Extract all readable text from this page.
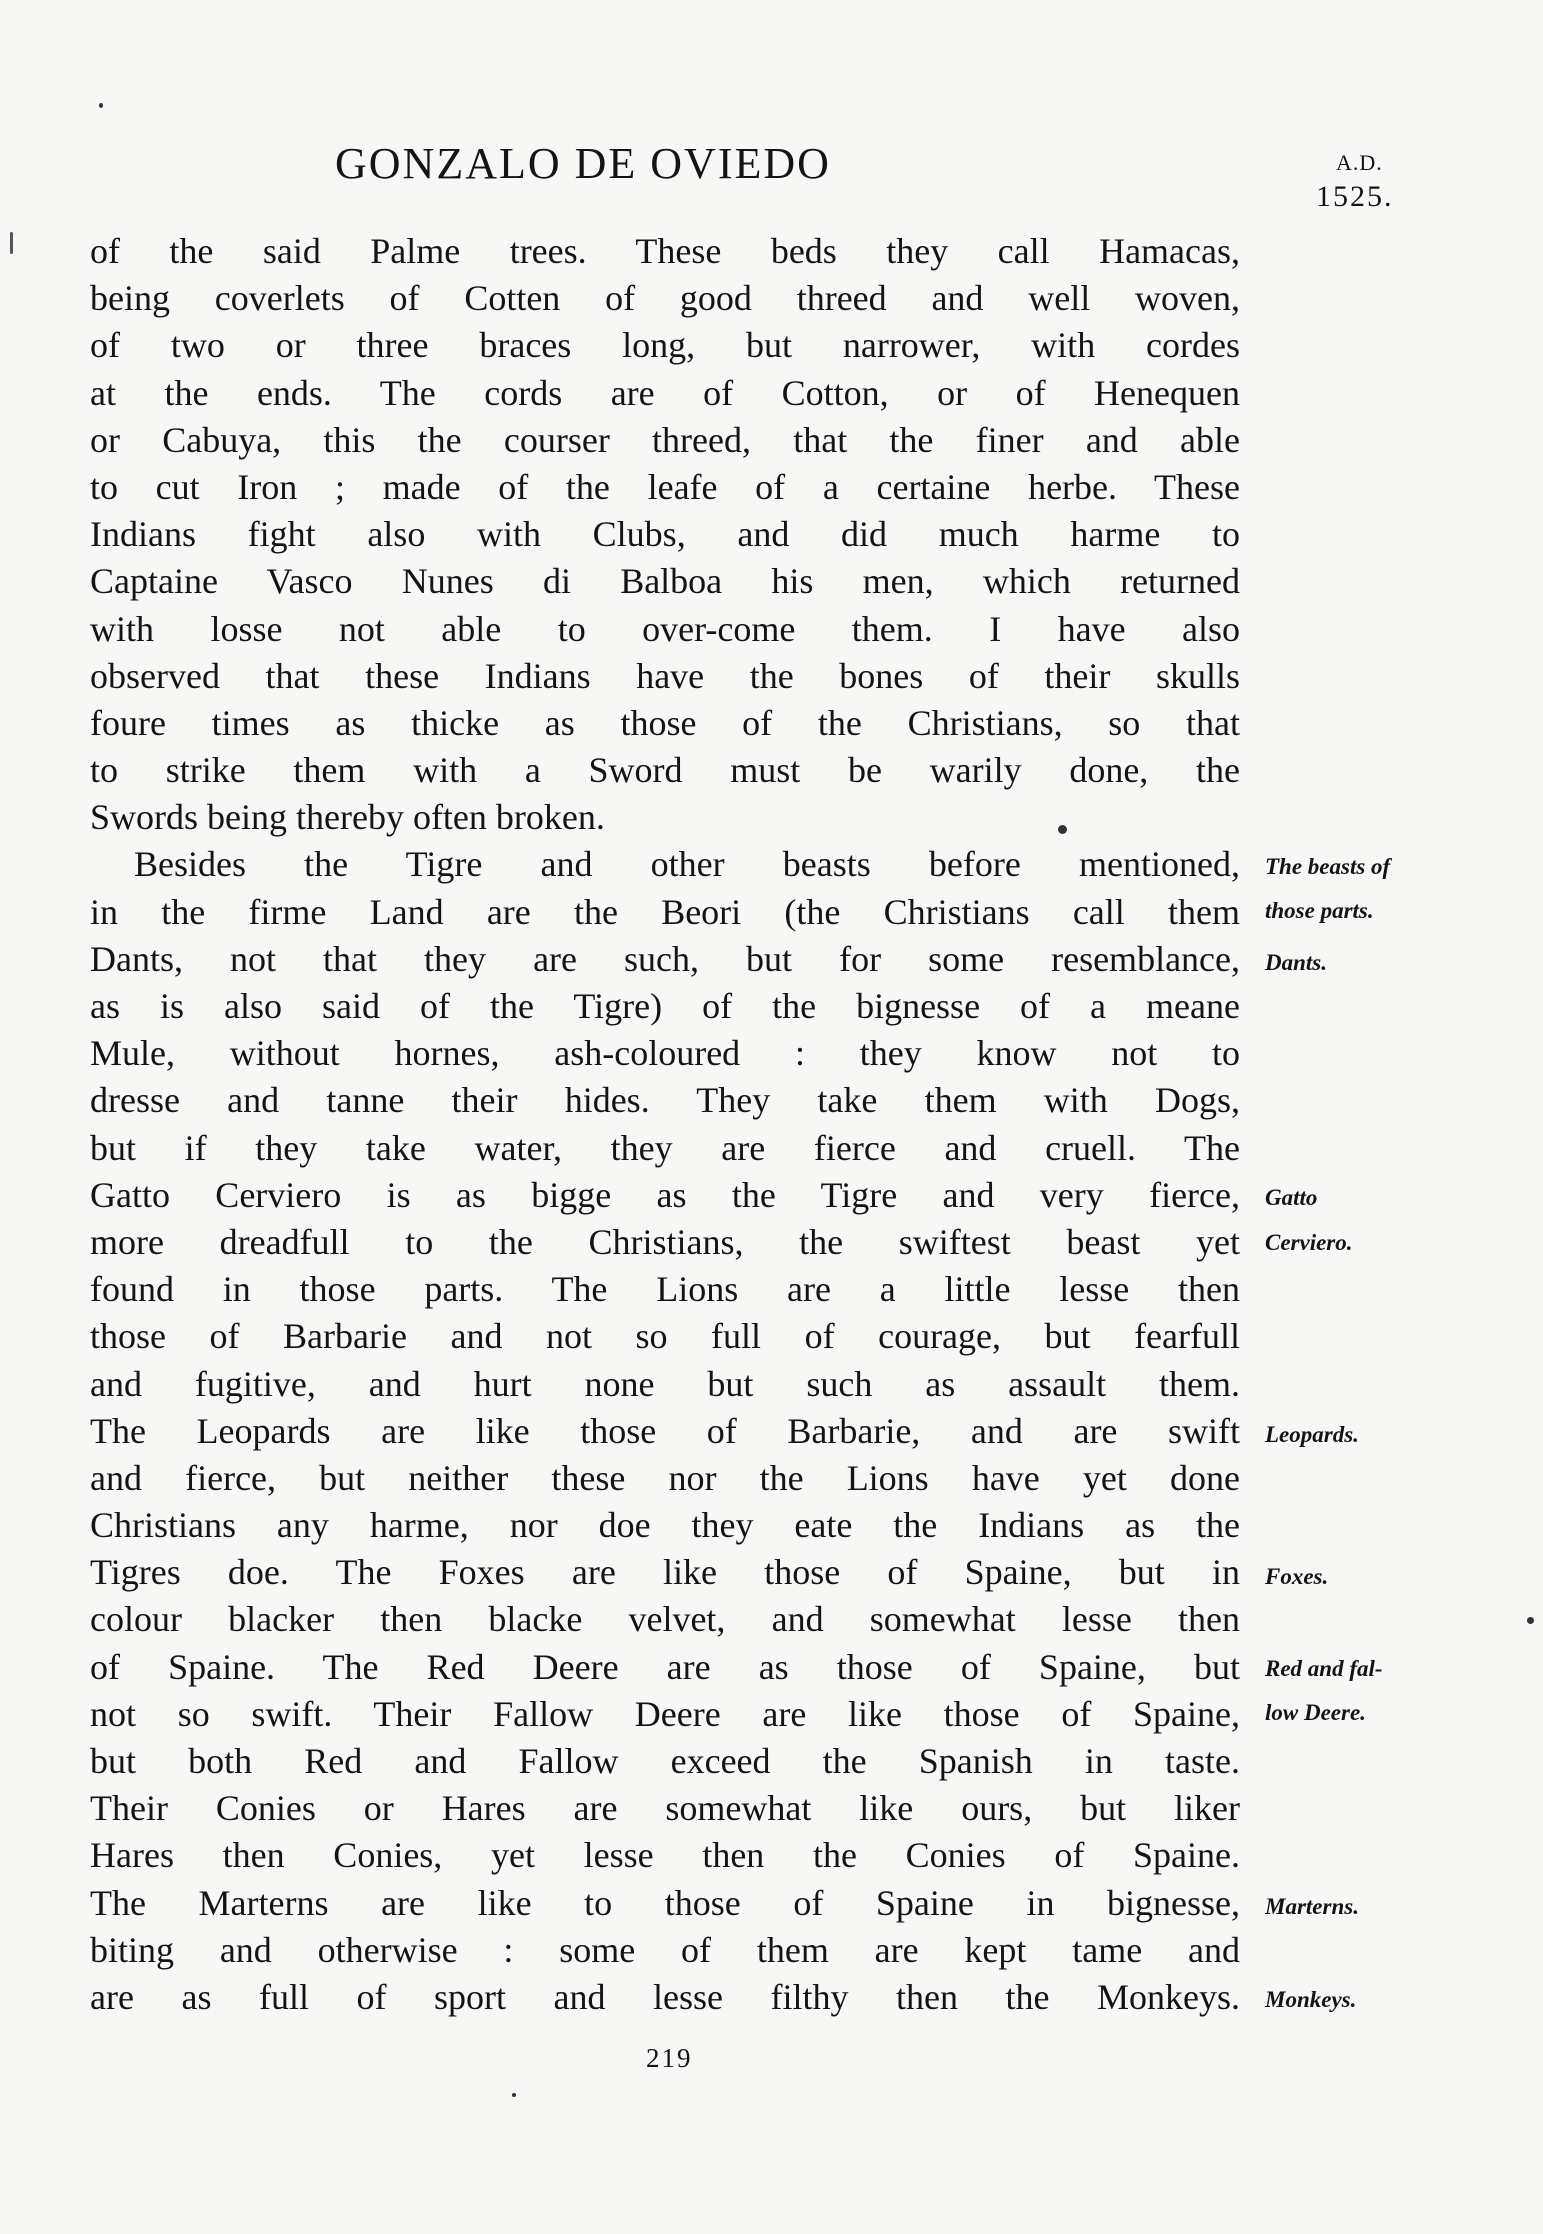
GONZALO DE OVIEDO	A.D.
1525.
of the said Palme trees. These beds they call Hamacas,
being coverlets of Cotten of good threed and well woven,
of two or three braces long, but narrower, with cordes
at the ends. The cords are of Cotton, or of Henequen
or Cabuya, this the courser threed, that the finer and able
to cut Iron ; made of the leafe of a certaine herbe. These
Indians fight also with Clubs, and did much harme to
Captaine Vasco Nunes di Balboa his men, which returned
with losse not able to over-come them. I have also
observed that these Indians have the bones of their skulls
foure times as thicke as those of the Christians, so that
to strike them with a Sword must be warily done, the
Swords being thereby often broken.
Besides the Tigre and other beasts before mentioned,
in the firme Land are the Beori (the Christians call them
Dants, not that they are such, but for some resemblance,
as is also said of the Tigre) of the bignesse of a meane
Mule, without hornes, ash-coloured : they know not to
dresse and tanne their hides. They take them with Dogs,
but if they take water, they are fierce and cruell. The
Gatto Cerviero is as bigge as the Tigre and very fierce,
more dreadfull to the Christians, the swiftest beast yet
found in those parts. The Lions are a little lesse then
those of Barbarie and not so full of courage, but fearfull
and fugitive, and hurt none but such as assault them.
The Leopards are like those of Barbarie, and are swift
and fierce, but neither these nor the Lions have yet done
Christians any harme, nor doe they eate the Indians as the
Tigres doe. The Foxes are like those of Spaine, but in
colour blacker then blacke velvet, and somewhat lesse then
of Spaine. The Red Deere are as those of Spaine, but
not so swift. Their Fallow Deere are like those of Spaine,
but both Red and Fallow exceed the Spanish in taste.
Their Conies or Hares are somewhat like ours, but liker
Hares then Conies, yet lesse then the Conies of Spaine.
The Marterns are like to those of Spaine in bignesse,
biting and otherwise : some of them are kept tame and
are as full of sport and lesse filthy then the Monkeys.
The beasts of
those parts.
Dants.
Gatto
Cerviero.
Leopards.
Foxes.
Red and fal-
low Deere.
Marterns.
Monkeys.
219
